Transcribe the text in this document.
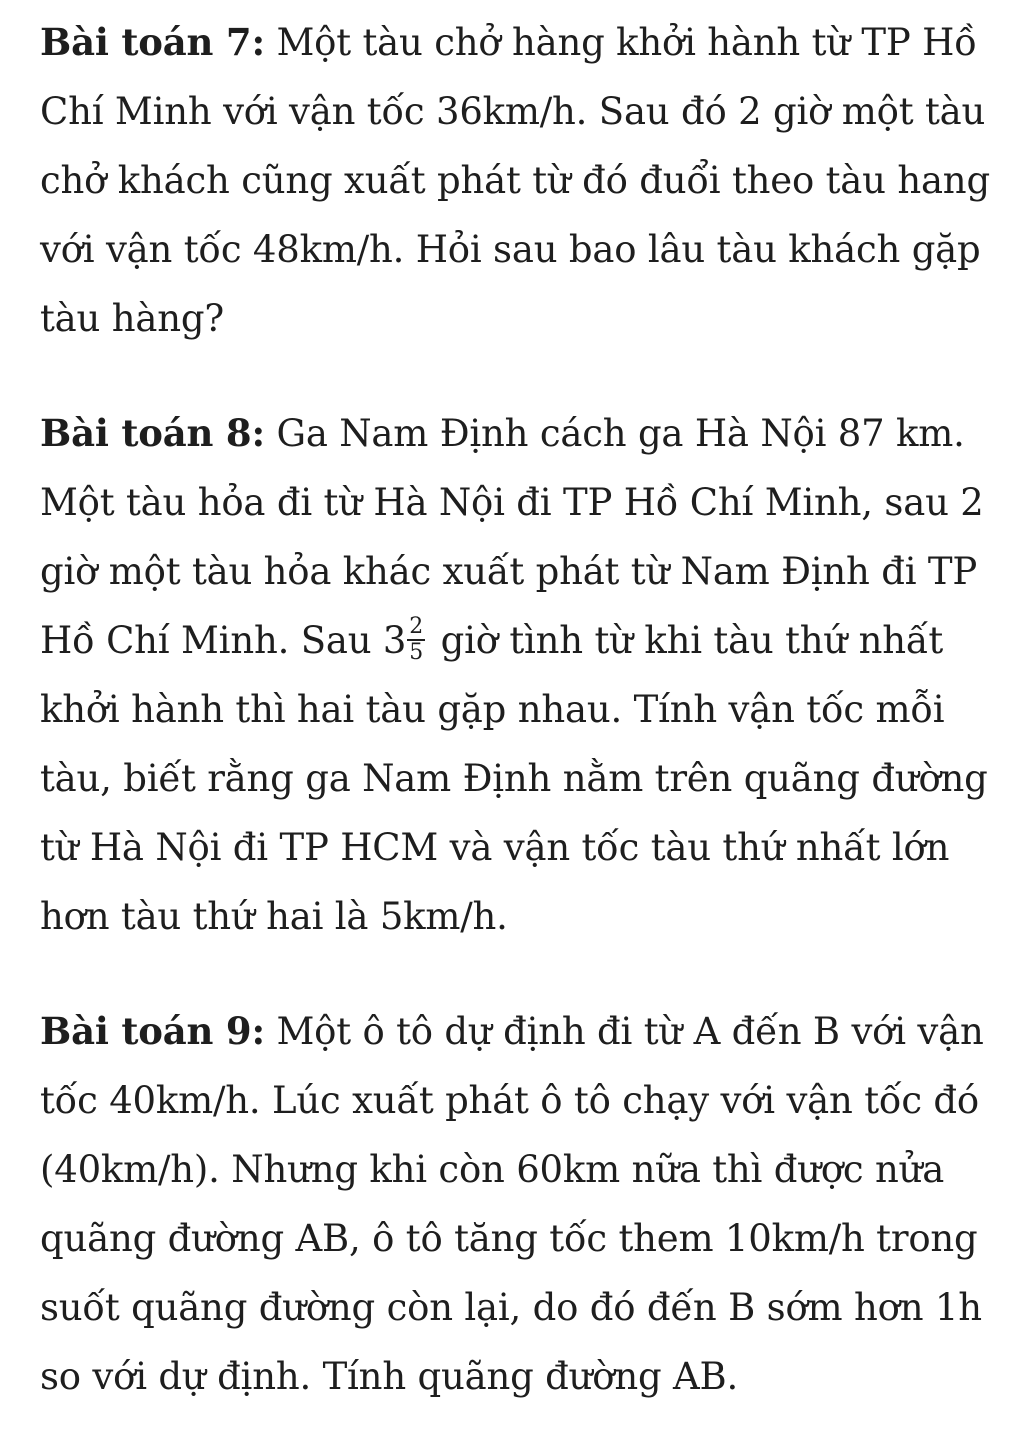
Bài toán 7: Một tàu chở hàng khởi hành từ TP Hồ Chí Minh với vận tốc 36km/h. Sau đó 2 giờ một tàu chở khách cũng xuất phát từ đó đuổi theo tàu hang với vận tốc 48km/h. Hỏi sau bao lâu tàu khách gặp tàu hàng?

Bài toán 8: Ga Nam Định cách ga Hà Nội 87 km. Một tàu hỏa đi từ Hà Nội đi TP Hồ Chí Minh, sau 2 giờ một tàu hỏa khác xuất phát từ Nam Định đi TP Hồ Chí Minh. Sau $3 \frac{2}{5}$ giờ tình từ khi tàu thứ nhất khởi hành thì hai tàu gặp nhau. Tính vận tốc mỗi tàu, biết rằng ga Nam Định nằm trên quãng đường từ Hà Nội đi TP HCM và vận tốc tàu thứ nhất lớn hơn tàu thứ hai là 5km/h.

Bài toán 9: Một ô tô dự định đi từ A đến B với vận tốc 40km/h. Lúc xuất phát ô tô chạy với vận tốc đó (40km/h). Nhưng khi còn 60km nữa thì được nửa quãng đường AB, ô tô tăng tốc them 10km/h trong suốt quãng đường còn lại, do đó đến B sớm hơn 1h so với dự định. Tính quãng đường AB.
